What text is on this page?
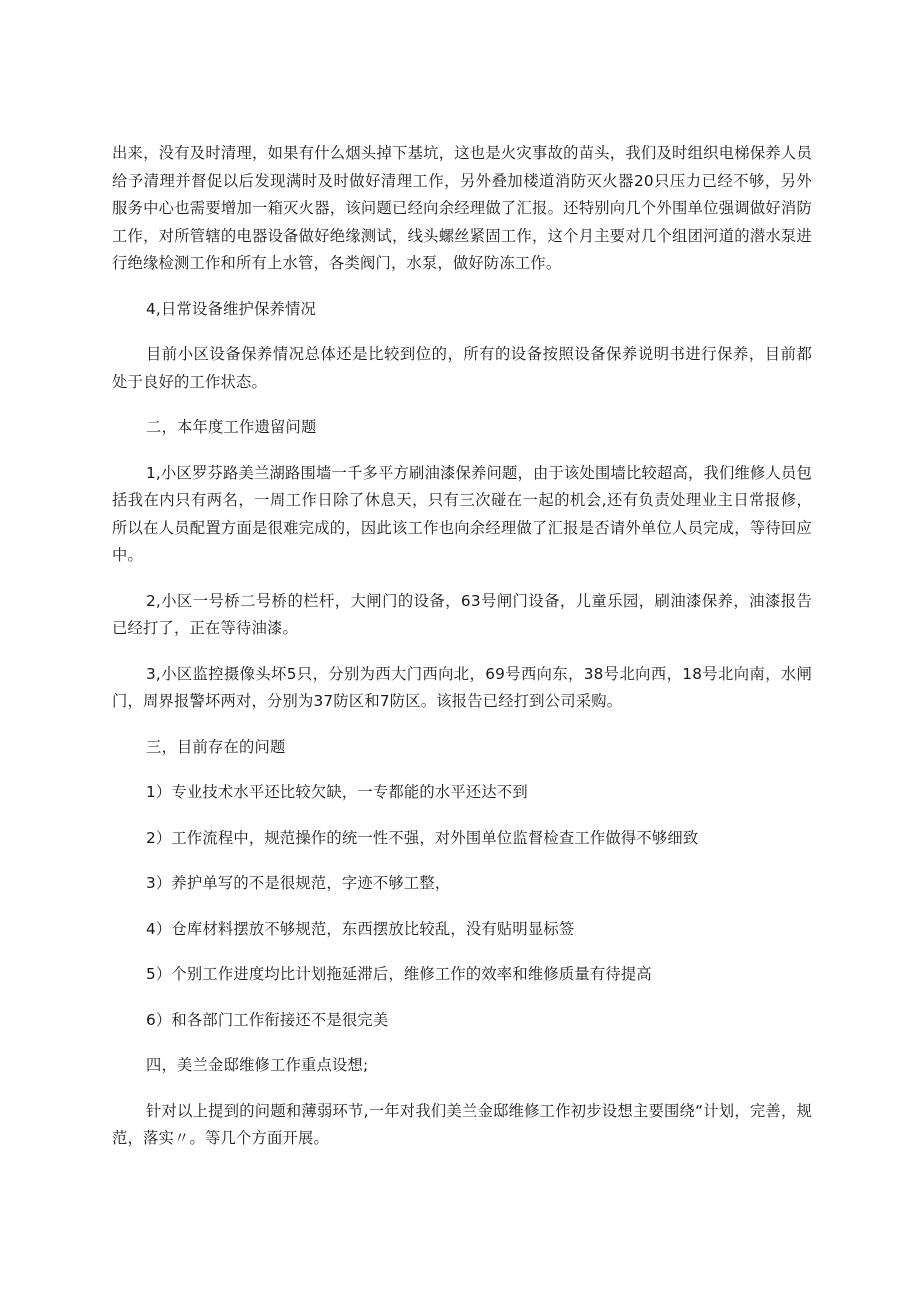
出来，没有及时清理，如果有什么烟头掉下基坑，这也是火灾事故的苗头，我们及时组织电梯保养人员给予清理并督促以后发现满时及时做好清理工作，另外叠加楼道消防灭火器20只压力已经不够，另外服务中心也需要增加一箱灭火器，该问题已经向余经理做了汇报。还特别向几个外围单位强调做好消防工作，对所管辖的电器设备做好绝缘测试，线头螺丝紧固工作，这个月主要对几个组团河道的潜水泵进行绝缘检测工作和所有上水管，各类阀门，水泵，做好防冻工作。

4,日常设备维护保养情况

目前小区设备保养情况总体还是比较到位的，所有的设备按照设备保养说明书进行保养，目前都处于良好的工作状态。

二，本年度工作遗留问题

1,小区罗芬路美兰湖路围墙一千多平方刷油漆保养问题，由于该处围墙比较超高，我们维修人员包括我在内只有两名，一周工作日除了休息天，只有三次碰在一起的机会,还有负责处理业主日常报修，所以在人员配置方面是很难完成的，因此该工作也向余经理做了汇报是否请外单位人员完成，等待回应中。

2,小区一号桥二号桥的栏杆，大闸门的设备，63号闸门设备，儿童乐园，刷油漆保养，油漆报告已经打了，正在等待油漆。

3,小区监控摄像头坏5只，分别为西大门西向北，69号西向东，38号北向西，18号北向南，水闸门，周界报警坏两对，分别为37防区和7防区。该报告已经打到公司采购。

三，目前存在的问题

1）专业技术水平还比较欠缺，一专都能的水平还达不到

2）工作流程中，规范操作的统一性不强，对外围单位监督检查工作做得不够细致

3）养护单写的不是很规范，字迹不够工整，

4）仓库材料摆放不够规范，东西摆放比较乱，没有贴明显标签

5）个别工作进度均比计划拖延滞后，维修工作的效率和维修质量有待提高

6）和各部门工作衔接还不是很完美

四，美兰金邸维修工作重点设想;

针对以上提到的问题和薄弱环节,一年对我们美兰金邸维修工作初步设想主要围绕“计划，完善，规范，落实〃。等几个方面开展。
